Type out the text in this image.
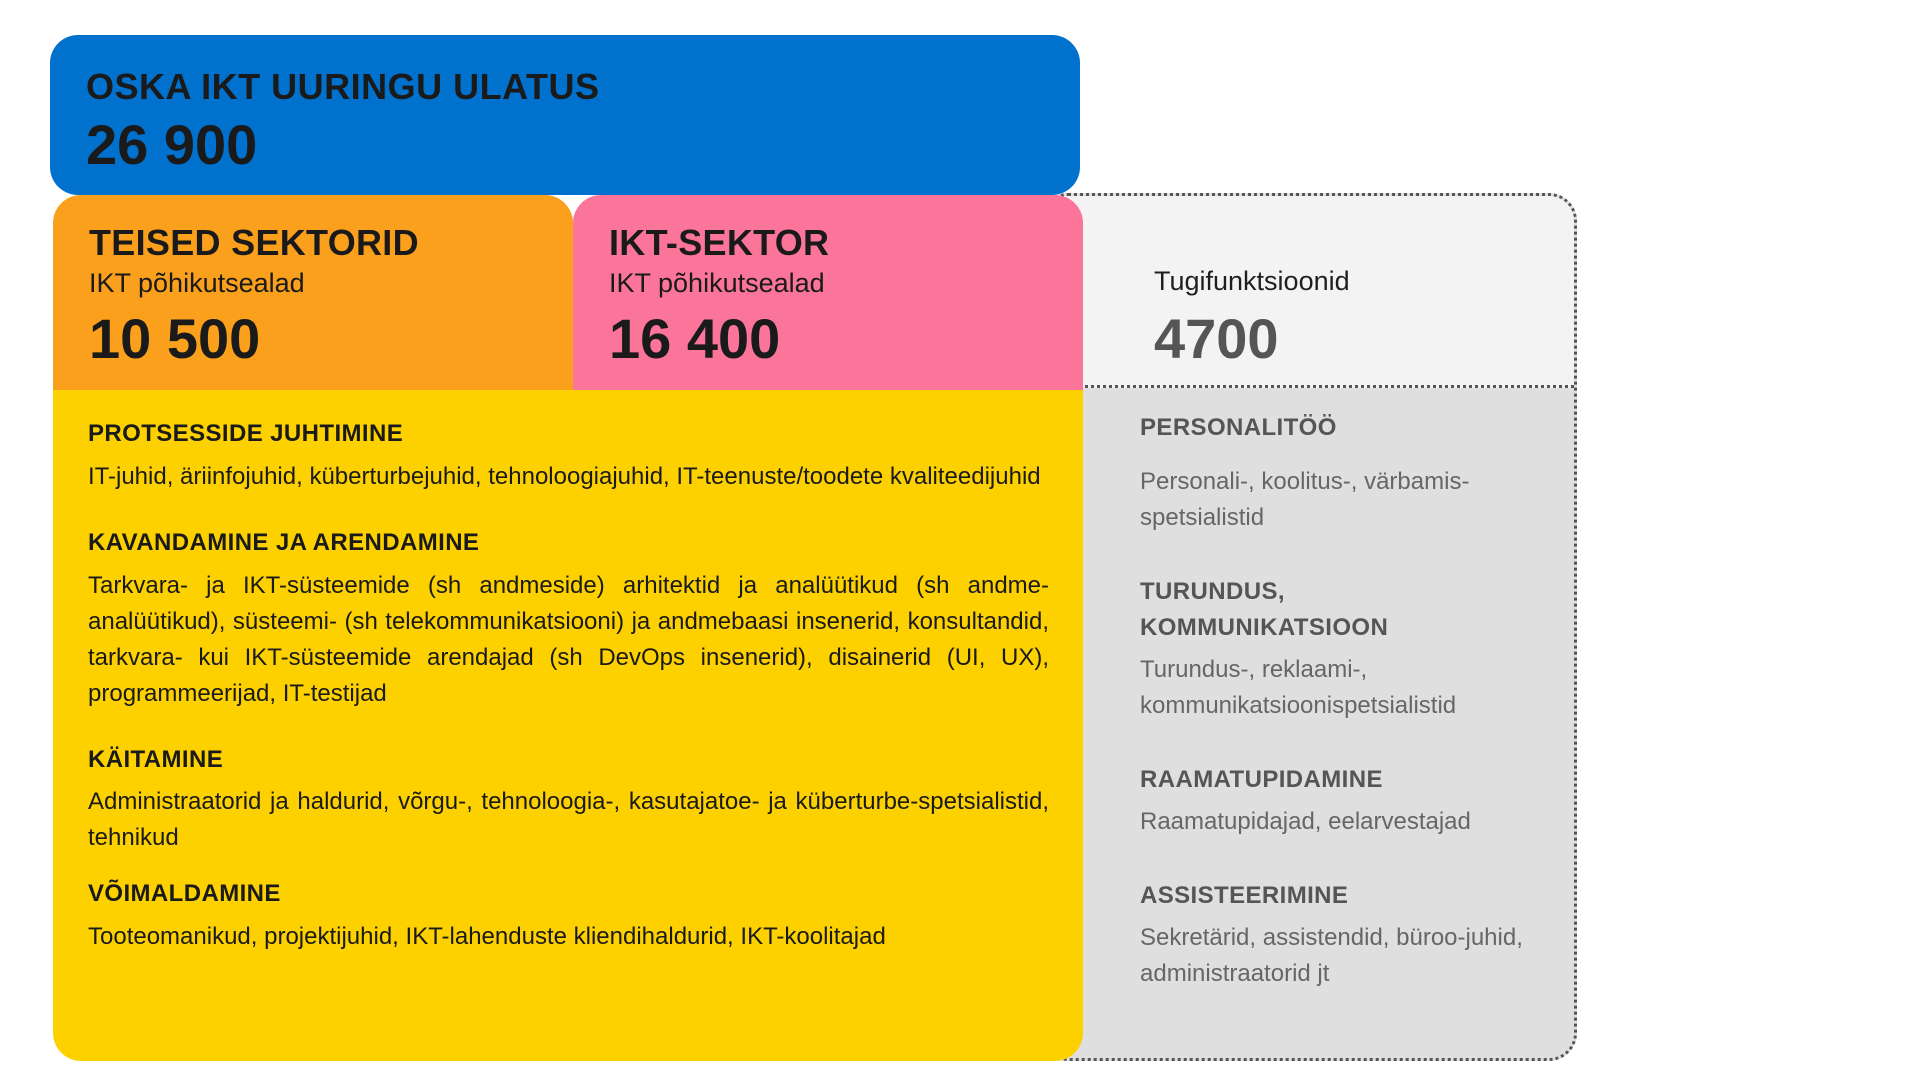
Tugifunktsioonid
4700
OSKA IKT UURINGU ULATUS
26 900
TEISED SEKTORID
IKT põhikutsealad
10 500
IKT-SEKTOR
IKT põhikutsealad
16 400
PROTSESSIDE JUHTIMINE
IT-juhid, äriinfojuhid, küberturbejuhid, tehnoloogiajuhid, IT-teenuste/toodete kvaliteedijuhid
KAVANDAMINE JA ARENDAMINE
Tarkvara- ja IKT-süsteemide (sh andmeside) arhitektid ja analüütikud (sh andme-analüütikud), süsteemi- (sh telekommunikatsiooni) ja andmebaasi insenerid, konsultandid, tarkvara- kui IKT-süsteemide arendajad (sh DevOps insenerid), disainerid (UI, UX), programmeerijad, IT-testijad
KÄITAMINE
Administraatorid ja haldurid, võrgu-, tehnoloogia-, kasutajatoe- ja küberturbe-spetsialistid, tehnikud
VÕIMALDAMINE
Tooteomanikud, projektijuhid, IKT-lahenduste kliendihaldurid, IKT-koolitajad
PERSONALITÖÖ
Personali-, koolitus-, värbamis-spetsialistid
TURUNDUS, KOMMUNIKATSIOON
Turundus-, reklaami-, kommunikatsioonispetsialistid
RAAMATUPIDAMINE
Raamatupidajad, eelarvestajad
ASSISTEERIMINE
Sekretärid, assistendid, büroo-juhid, administraatorid jt
